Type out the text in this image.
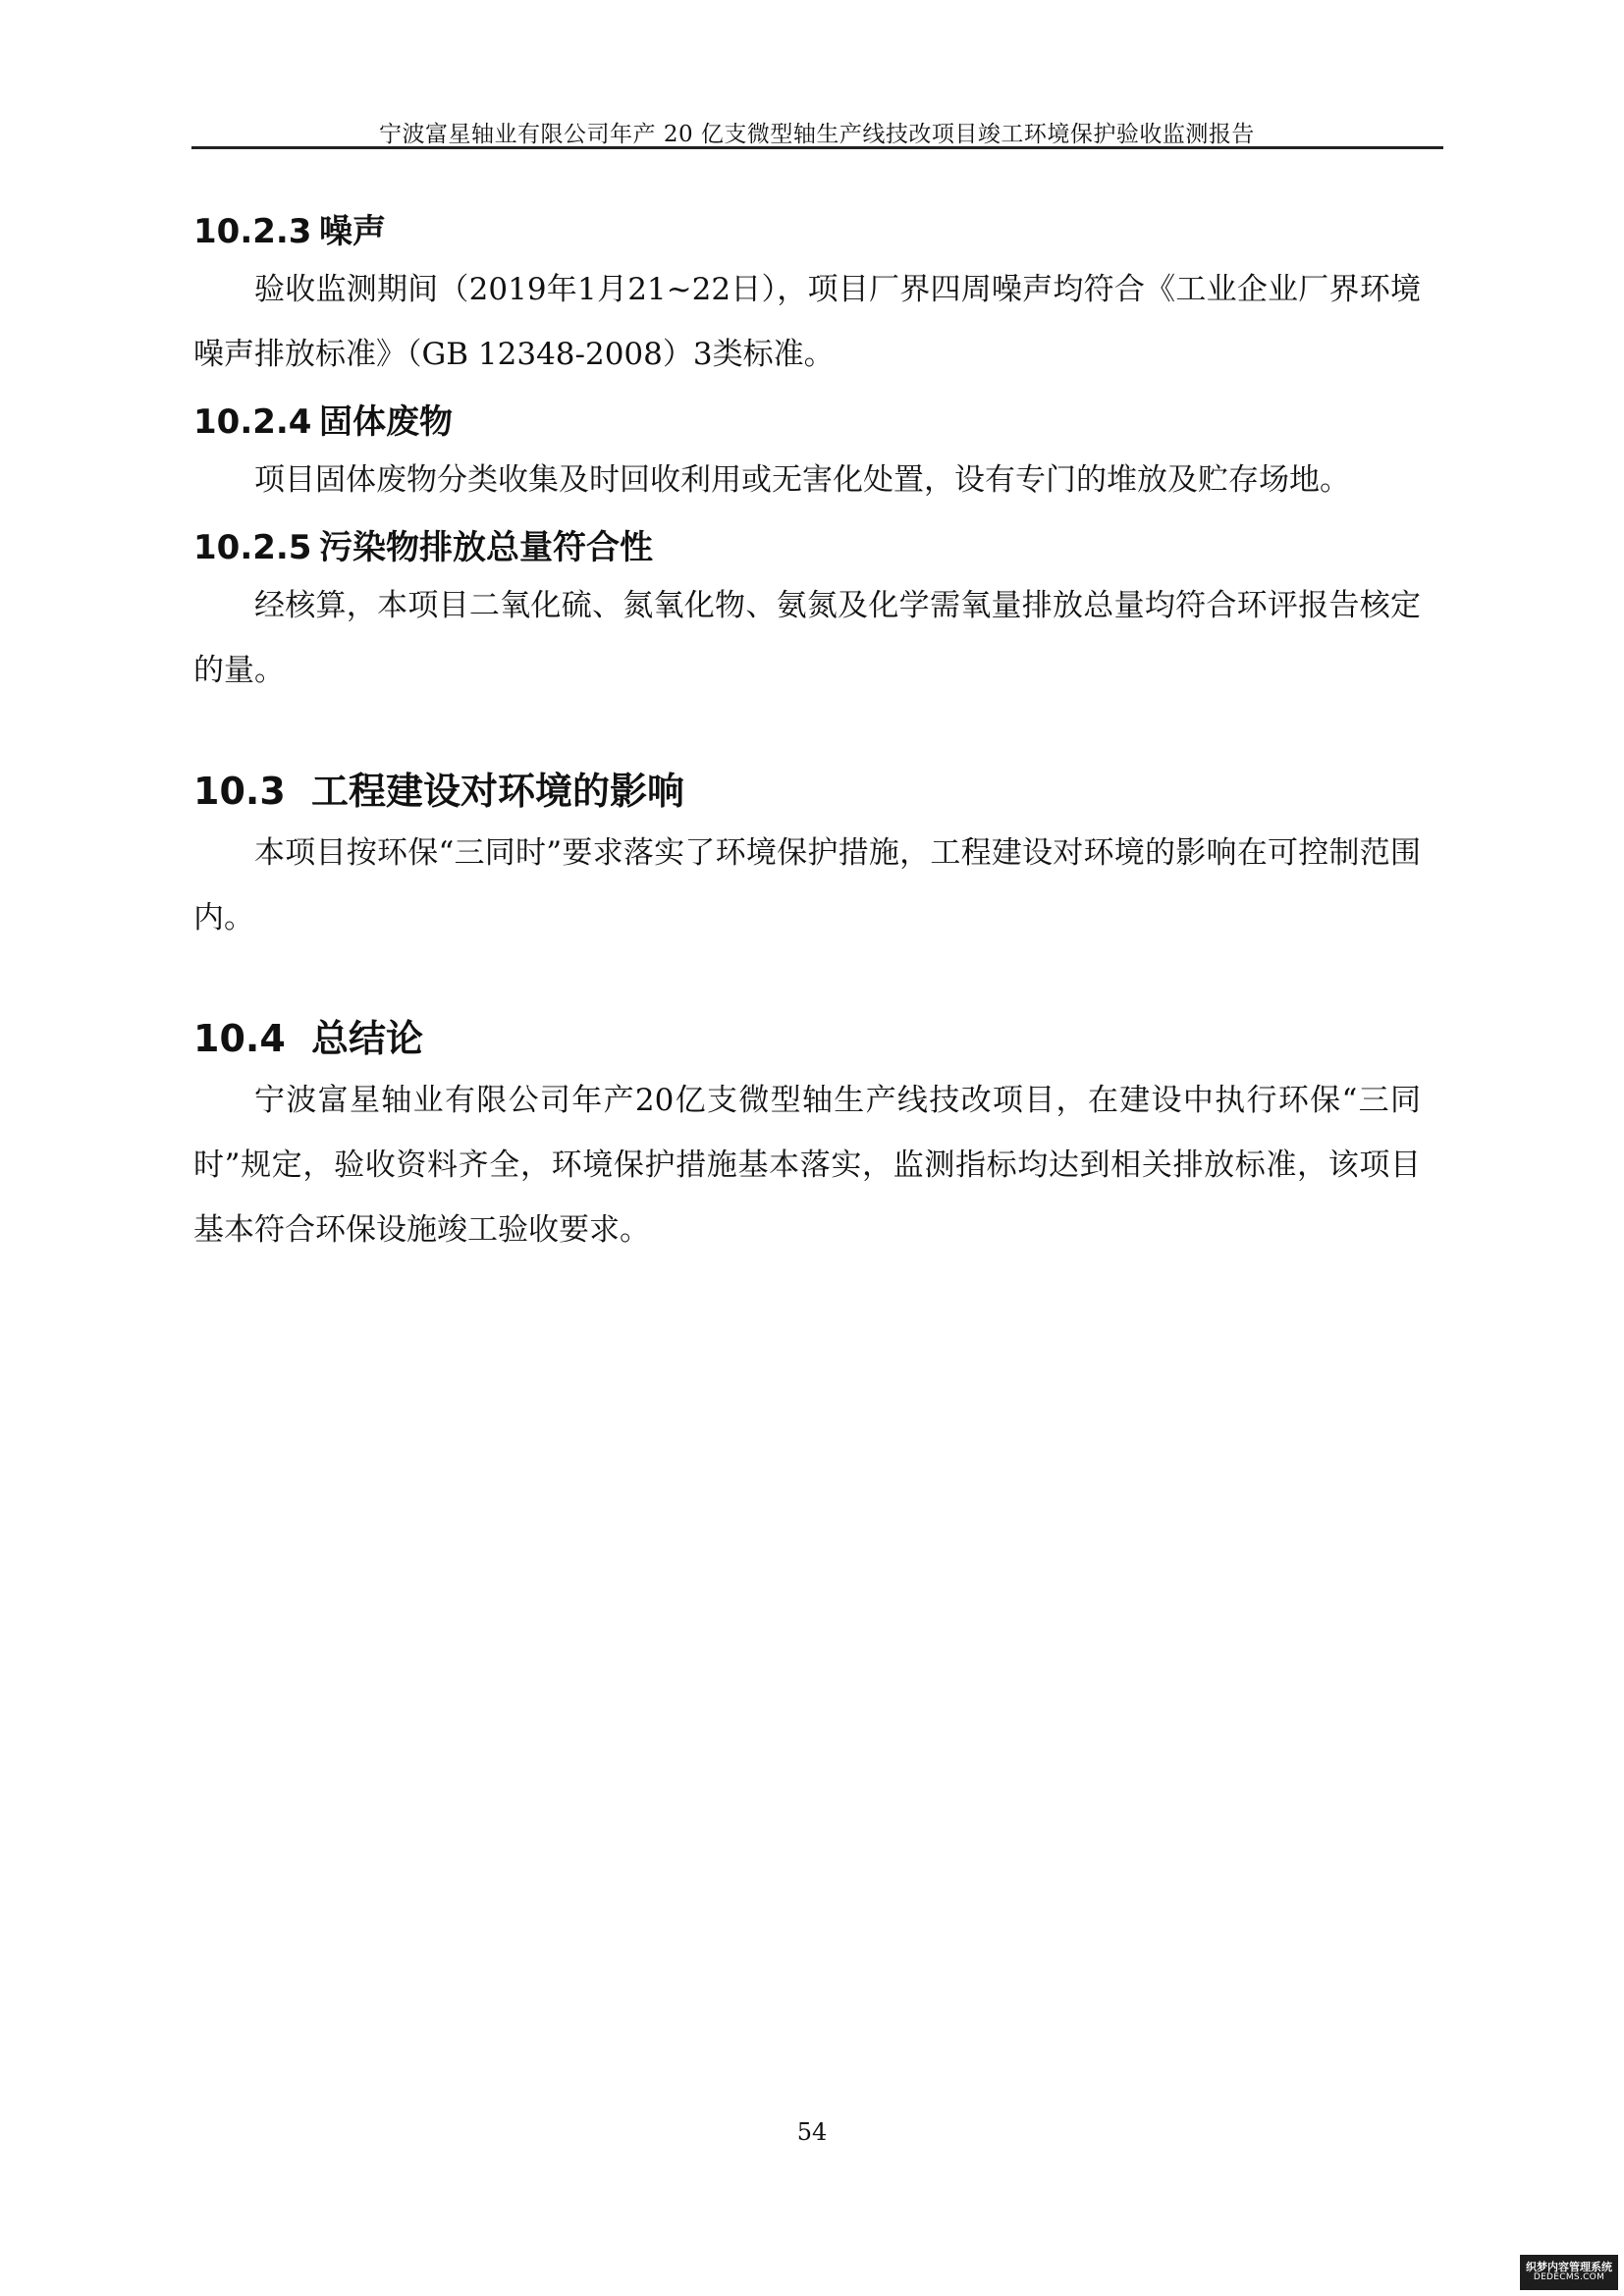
宁波富星轴业有限公司年产 20 亿支微型轴生产线技改项目竣工环境保护验收监测报告
10.2.3 噪声

验收监测期间（2019年1月21~22日），项目厂界四周噪声均符合《工业企业厂界环境噪声排放标准》（GB 12348-2008）3类标准。

10.2.4 固体废物

项目固体废物分类收集及时回收利用或无害化处置，设有专门的堆放及贮存场地。

10.2.5 污染物排放总量符合性

经核算，本项目二氧化硫、氮氧化物、氨氮及化学需氧量排放总量均符合环评报告核定的量。

10.3 工程建设对环境的影响

本项目按环保“三同时”要求落实了环境保护措施，工程建设对环境的影响在可控制范围内。

10.4 总结论

宁波富星轴业有限公司年产20亿支微型轴生产线技改项目，在建设中执行环保“三同时”规定，验收资料齐全，环境保护措施基本落实，监测指标均达到相关排放标准，该项目基本符合环保设施竣工验收要求。

54
织梦内容管理系统
DEDECMS.COM
